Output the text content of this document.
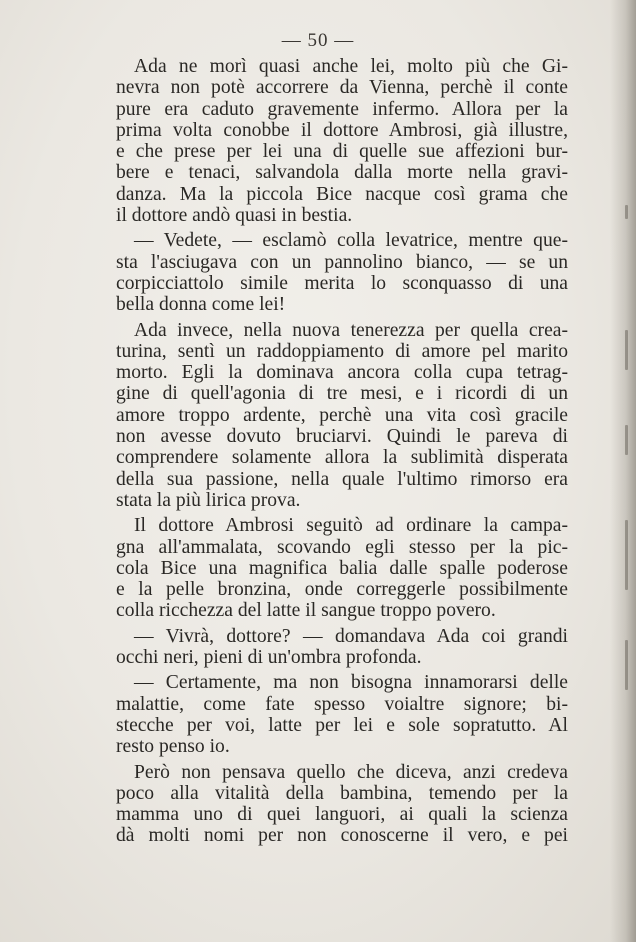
— 50 —
Ada ne morì quasi anche lei, molto più che Gi-
nevra non potè accorrere da Vienna, perchè il conte
pure era caduto gravemente infermo. Allora per la
prima volta conobbe il dottore Ambrosi, già illustre,
e che prese per lei una di quelle sue affezioni bur-
bere e tenaci, salvandola dalla morte nella gravi-
danza. Ma la piccola Bice nacque così grama che
il dottore andò quasi in bestia.
— Vedete, — esclamò colla levatrice, mentre que-
sta l'asciugava con un pannolino bianco, — se un
corpicciattolo simile merita lo sconquasso di una
bella donna come lei!
Ada invece, nella nuova tenerezza per quella crea-
turina, sentì un raddoppiamento di amore pel marito
morto. Egli la dominava ancora colla cupa tetrag-
gine di quell'agonia di tre mesi, e i ricordi di un
amore troppo ardente, perchè una vita così gracile
non avesse dovuto bruciarvi. Quindi le pareva di
comprendere solamente allora la sublimità disperata
della sua passione, nella quale l'ultimo rimorso era
stata la più lirica prova.
Il dottore Ambrosi seguitò ad ordinare la campa-
gna all'ammalata, scovando egli stesso per la pic-
cola Bice una magnifica balia dalle spalle poderose
e la pelle bronzina, onde correggerle possibilmente
colla ricchezza del latte il sangue troppo povero.
— Vivrà, dottore? — domandava Ada coi grandi
occhi neri, pieni di un'ombra profonda.
— Certamente, ma non bisogna innamorarsi delle
malattie, come fate spesso voialtre signore; bi-
stecche per voi, latte per lei e sole sopratutto. Al
resto penso io.
Però non pensava quello che diceva, anzi credeva
poco alla vitalità della bambina, temendo per la
mamma uno di quei languori, ai quali la scienza
dà molti nomi per non conoscerne il vero, e pei
